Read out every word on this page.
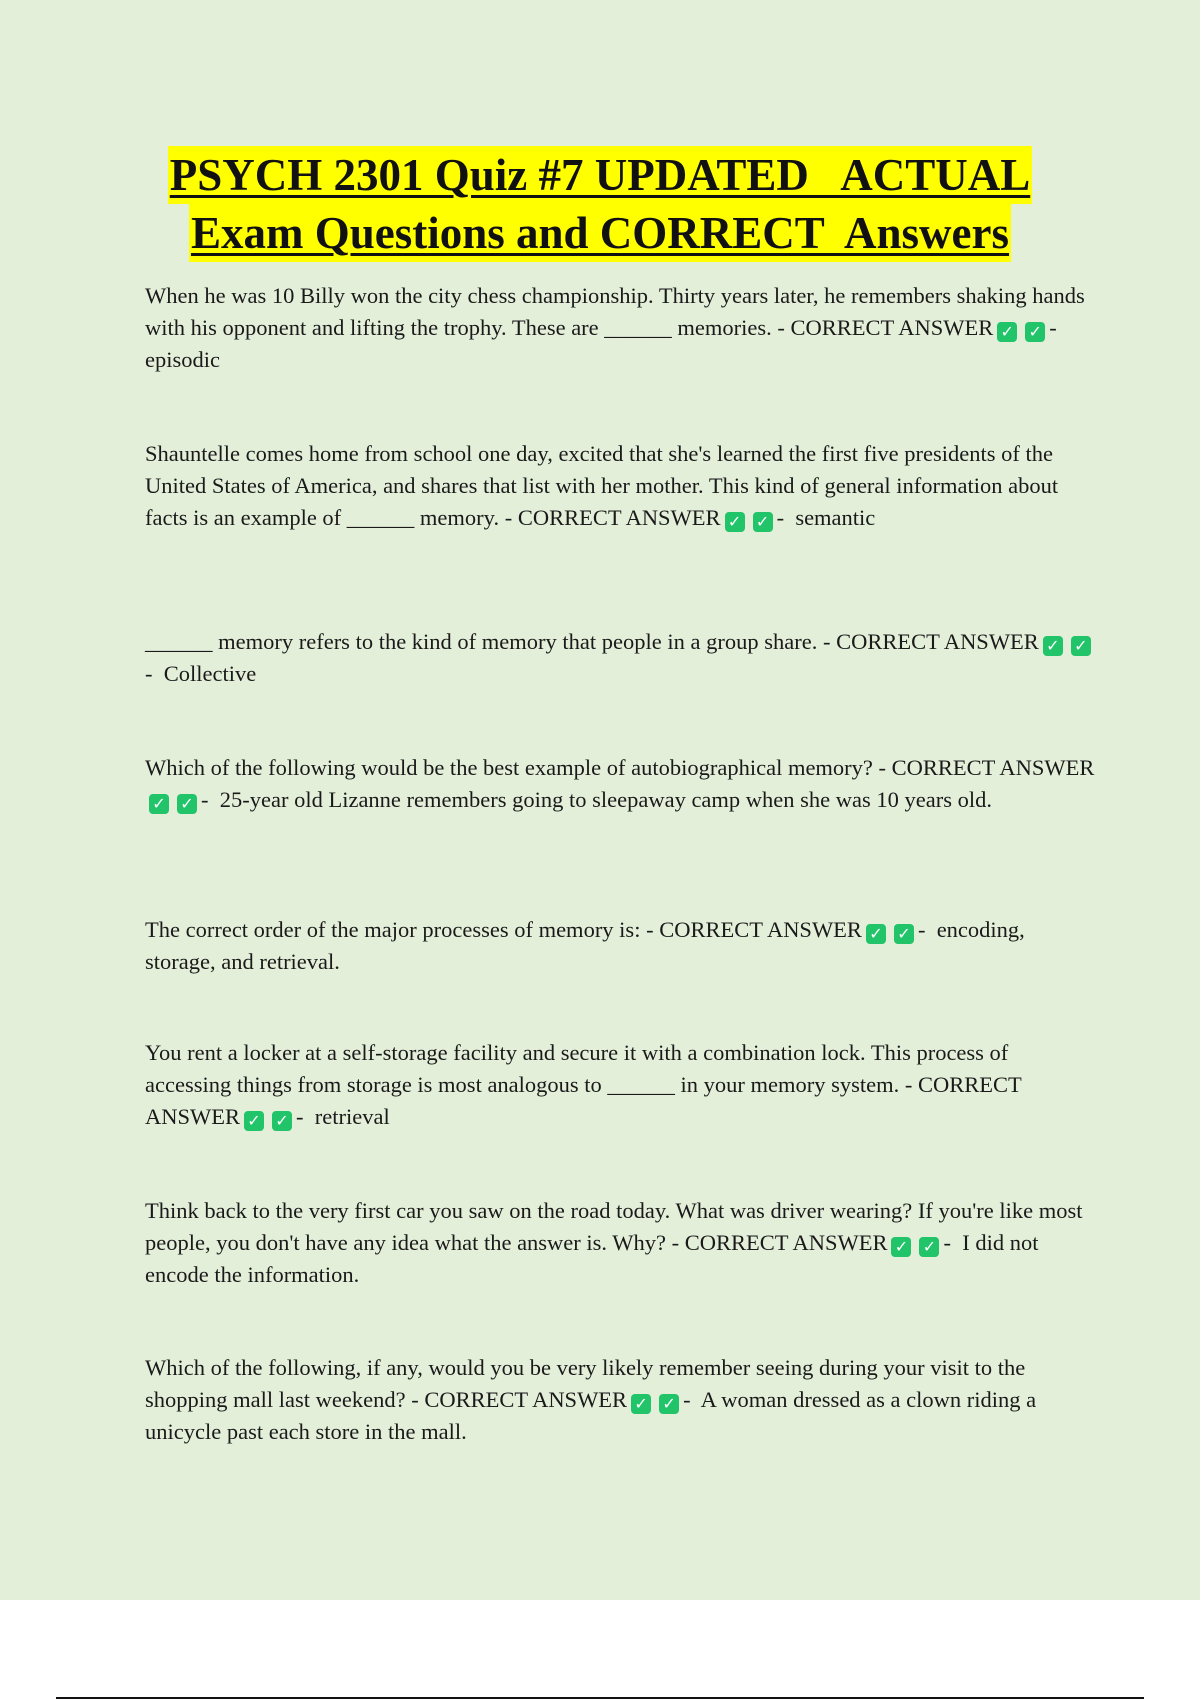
PSYCH 2301 Quiz #7 UPDATED   ACTUAL
Exam Questions and CORRECT  Answers
When he was 10 Billy won the city chess championship. Thirty years later, he remembers shaking hands with his opponent and lifting the trophy. These are ______ memories. - CORRECT ANSWER ✓ ✓ -  episodic
Shauntelle comes home from school one day, excited that she's learned the first five presidents of the United States of America, and shares that list with her mother. This kind of general information about facts is an example of ______ memory. - CORRECT ANSWER ✓ ✓ -  semantic
______ memory refers to the kind of memory that people in a group share. - CORRECT ANSWER ✓ ✓-  Collective
Which of the following would be the best example of autobiographical memory? - CORRECT ANSWER✓ ✓ -  25-year old Lizanne remembers going to sleepaway camp when she was 10 years old.
The correct order of the major processes of memory is: - CORRECT ANSWER ✓ ✓ -  encoding, storage, and retrieval.
You rent a locker at a self-storage facility and secure it with a combination lock. This process of accessing things from storage is most analogous to ______ in your memory system. - CORRECT ANSWER ✓ ✓ -  retrieval
Think back to the very first car you saw on the road today. What was driver wearing? If you're like most people, you don't have any idea what the answer is. Why? - CORRECT ANSWER ✓ ✓ -  I did not encode the information.
Which of the following, if any, would you be very likely remember seeing during your visit to the shopping mall last weekend? - CORRECT ANSWER ✓ ✓ -  A woman dressed as a clown riding a unicycle past each store in the mall.
